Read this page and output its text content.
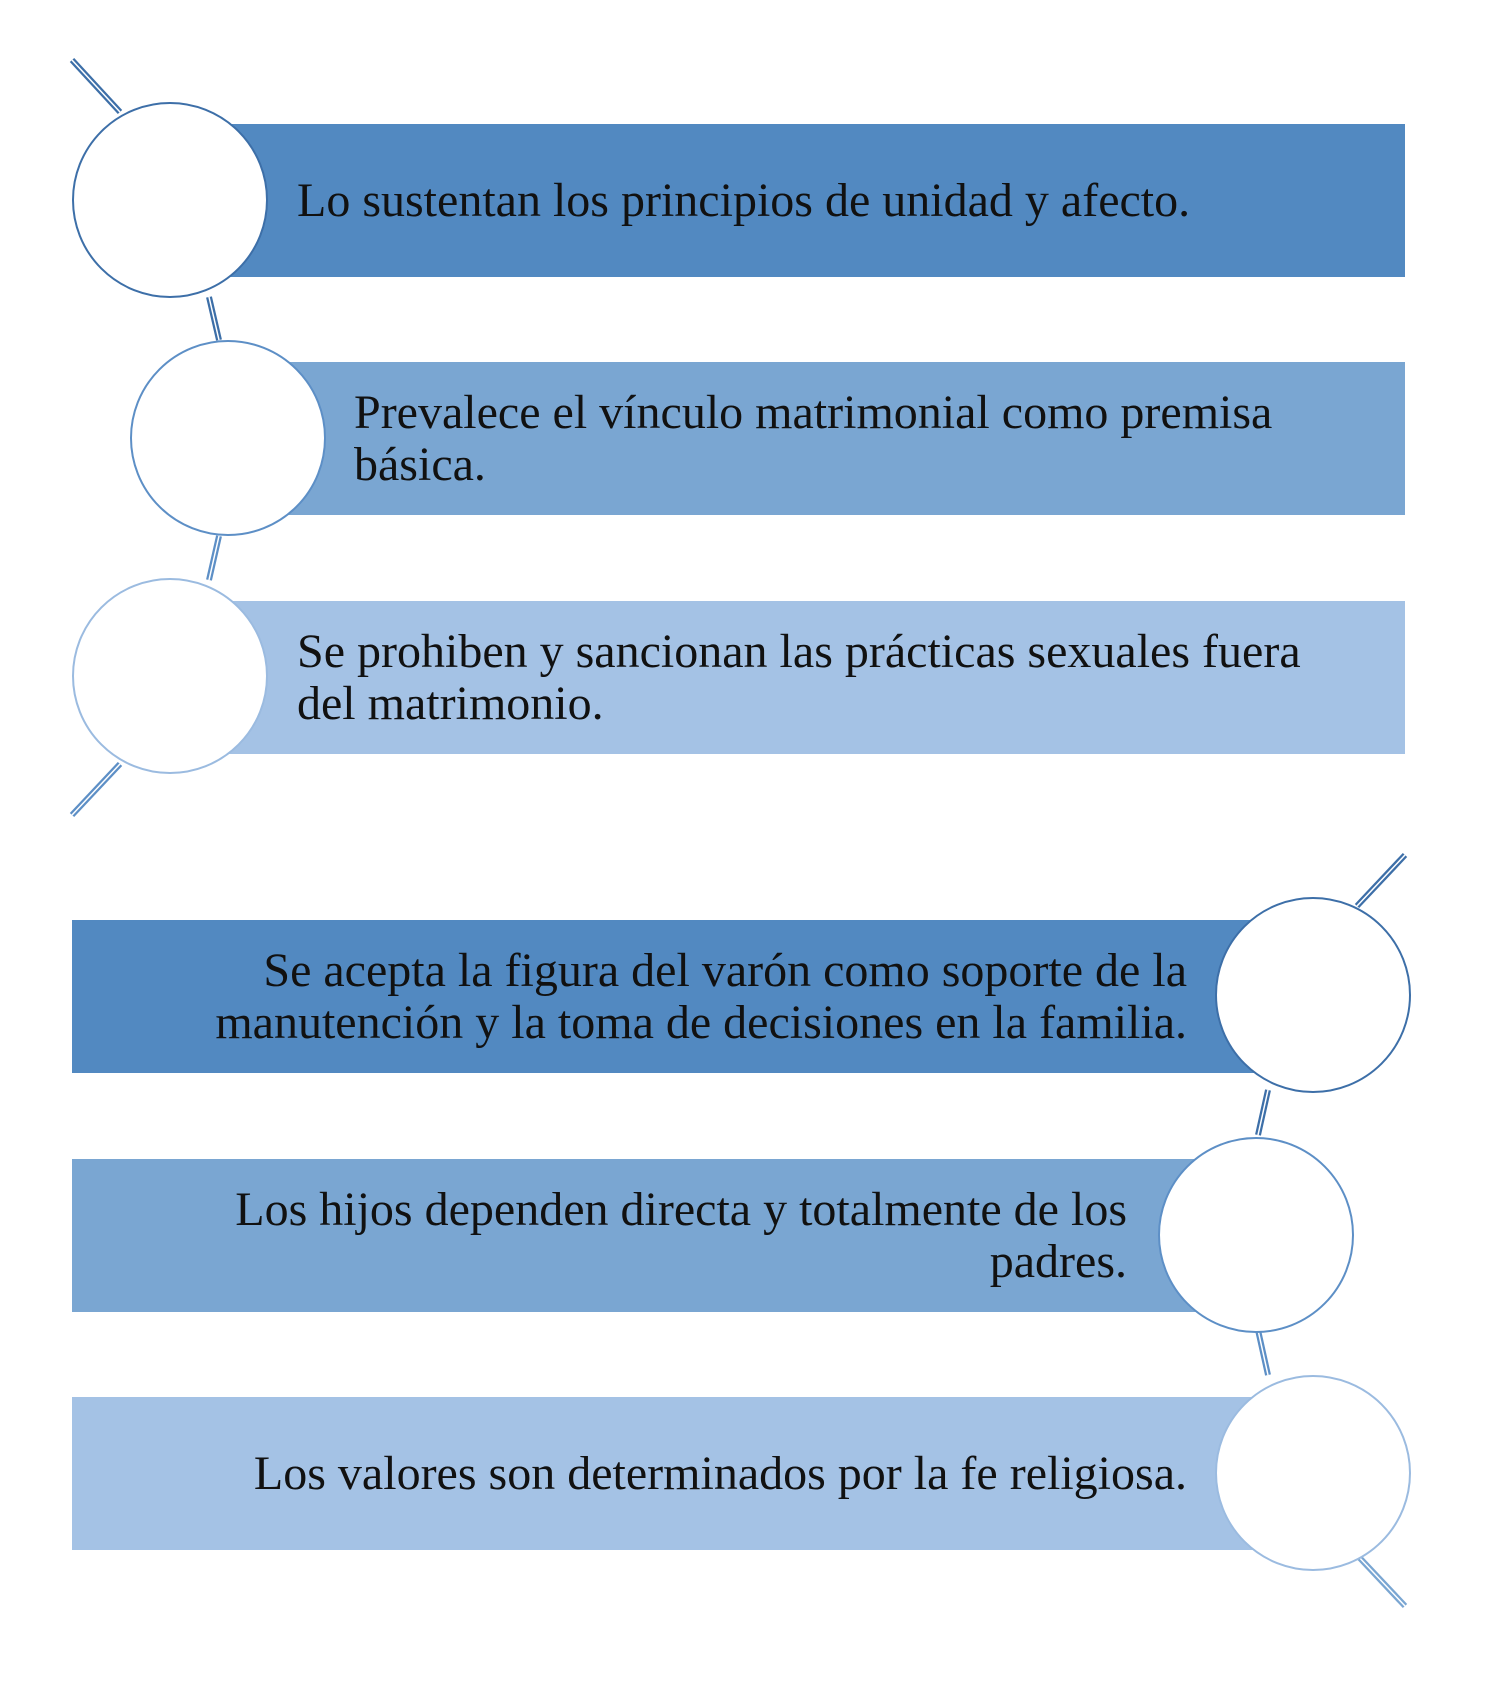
Lo sustentan los principios de unidad y afecto.
Prevalece el vínculo matrimonial como premisa básica.
Se prohiben y sancionan las prácticas sexuales fuera del matrimonio.
Se acepta la figura del varón como soporte de la manutención y la toma de decisiones en la familia.
Los hijos dependen directa y totalmente de los padres.
Los valores son determinados por la fe religiosa.
